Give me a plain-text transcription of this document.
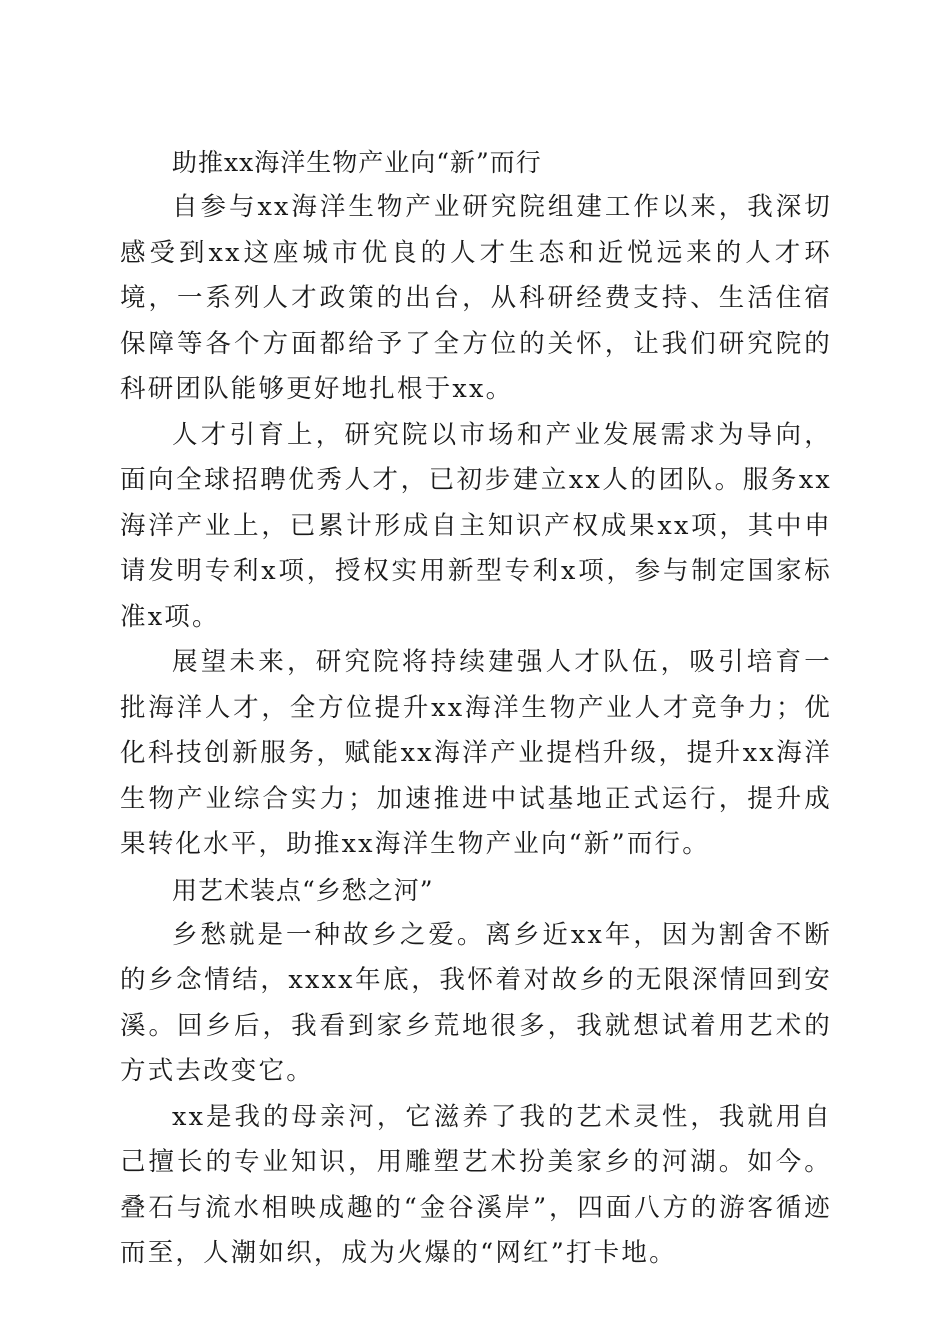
助推xx海洋生物产业向“新”而行

自参与xx海洋生物产业研究院组建工作以来，我深切感受到xx这座城市优良的人才生态和近悦远来的人才环境，一系列人才政策的出台，从科研经费支持、生活住宿保障等各个方面都给予了全方位的关怀，让我们研究院的科研团队能够更好地扎根于xx。

人才引育上，研究院以市场和产业发展需求为导向，面向全球招聘优秀人才，已初步建立xx人的团队。服务xx海洋产业上，已累计形成自主知识产权成果xx项，其中申请发明专利x项，授权实用新型专利x项，参与制定国家标准x项。

展望未来，研究院将持续建强人才队伍，吸引培育一批海洋人才，全方位提升xx海洋生物产业人才竞争力；优化科技创新服务，赋能xx海洋产业提档升级，提升xx海洋生物产业综合实力；加速推进中试基地正式运行，提升成果转化水平，助推xx海洋生物产业向“新”而行。

用艺术装点“乡愁之河”

乡愁就是一种故乡之爱。离乡近xx年，因为割舍不断的乡念情结，xxxx年底，我怀着对故乡的无限深情回到安溪。回乡后，我看到家乡荒地很多，我就想试着用艺术的方式去改变它。

xx是我的母亲河，它滋养了我的艺术灵性，我就用自己擅长的专业知识，用雕塑艺术扮美家乡的河湖。如今。叠石与流水相映成趣的“金谷溪岸”，四面八方的游客循迹而至，人潮如织，成为火爆的“网红”打卡地。
